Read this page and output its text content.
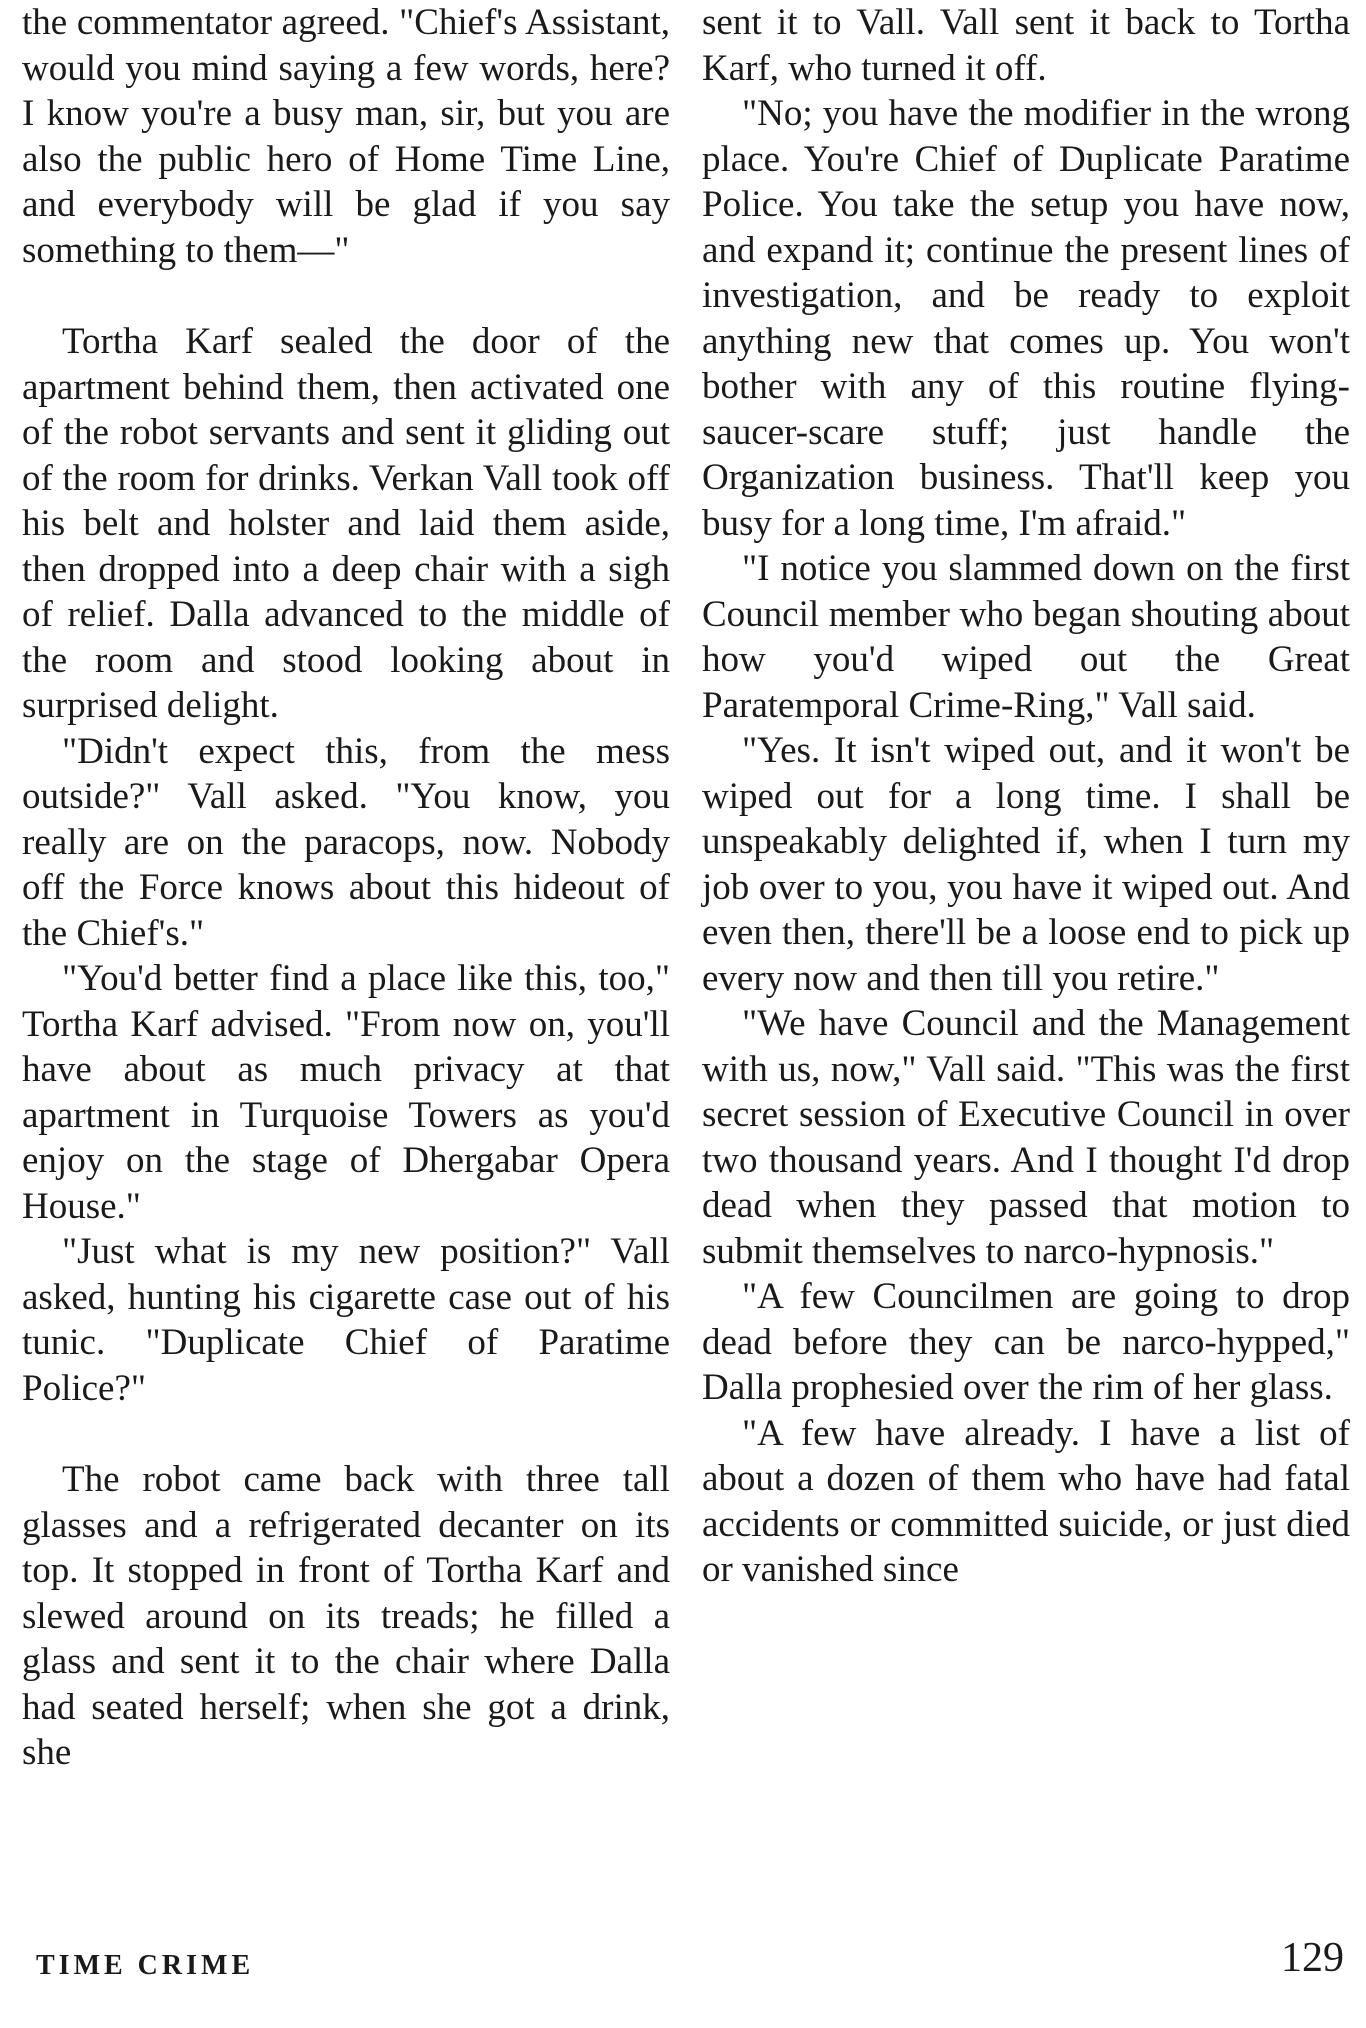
the commentator agreed. "Chief's Assistant, would you mind saying a few words, here? I know you're a busy man, sir, but you are also the public hero of Home Time Line, and everybody will be glad if you say something to them—"

Tortha Karf sealed the door of the apartment behind them, then activated one of the robot servants and sent it gliding out of the room for drinks. Verkan Vall took off his belt and holster and laid them aside, then dropped into a deep chair with a sigh of relief. Dalla advanced to the middle of the room and stood looking about in surprised delight.

"Didn't expect this, from the mess outside?" Vall asked. "You know, you really are on the paracops, now. Nobody off the Force knows about this hideout of the Chief's."

"You'd better find a place like this, too," Tortha Karf advised. "From now on, you'll have about as much privacy at that apartment in Turquoise Towers as you'd enjoy on the stage of Dhergabar Opera House."

"Just what is my new position?" Vall asked, hunting his cigarette case out of his tunic. "Duplicate Chief of Paratime Police?"

The robot came back with three tall glasses and a refrigerated decanter on its top. It stopped in front of Tortha Karf and slewed around on its treads; he filled a glass and sent it to the chair where Dalla had seated herself; when she got a drink, she

sent it to Vall. Vall sent it back to Tortha Karf, who turned it off.

"No; you have the modifier in the wrong place. You're Chief of Duplicate Paratime Police. You take the setup you have now, and expand it; continue the present lines of investigation, and be ready to exploit anything new that comes up. You won't bother with any of this routine flying-saucer-scare stuff; just handle the Organization business. That'll keep you busy for a long time, I'm afraid."

"I notice you slammed down on the first Council member who began shouting about how you'd wiped out the Great Paratemporal Crime-Ring," Vall said.

"Yes. It isn't wiped out, and it won't be wiped out for a long time. I shall be unspeakably delighted if, when I turn my job over to you, you have it wiped out. And even then, there'll be a loose end to pick up every now and then till you retire."

"We have Council and the Management with us, now," Vall said. "This was the first secret session of Executive Council in over two thousand years. And I thought I'd drop dead when they passed that motion to submit themselves to narco-hypnosis."

"A few Councilmen are going to drop dead before they can be narco-hypped," Dalla prophesied over the rim of her glass.

"A few have already. I have a list of about a dozen of them who have had fatal accidents or committed suicide, or just died or vanished since

TIME CRIME	129
